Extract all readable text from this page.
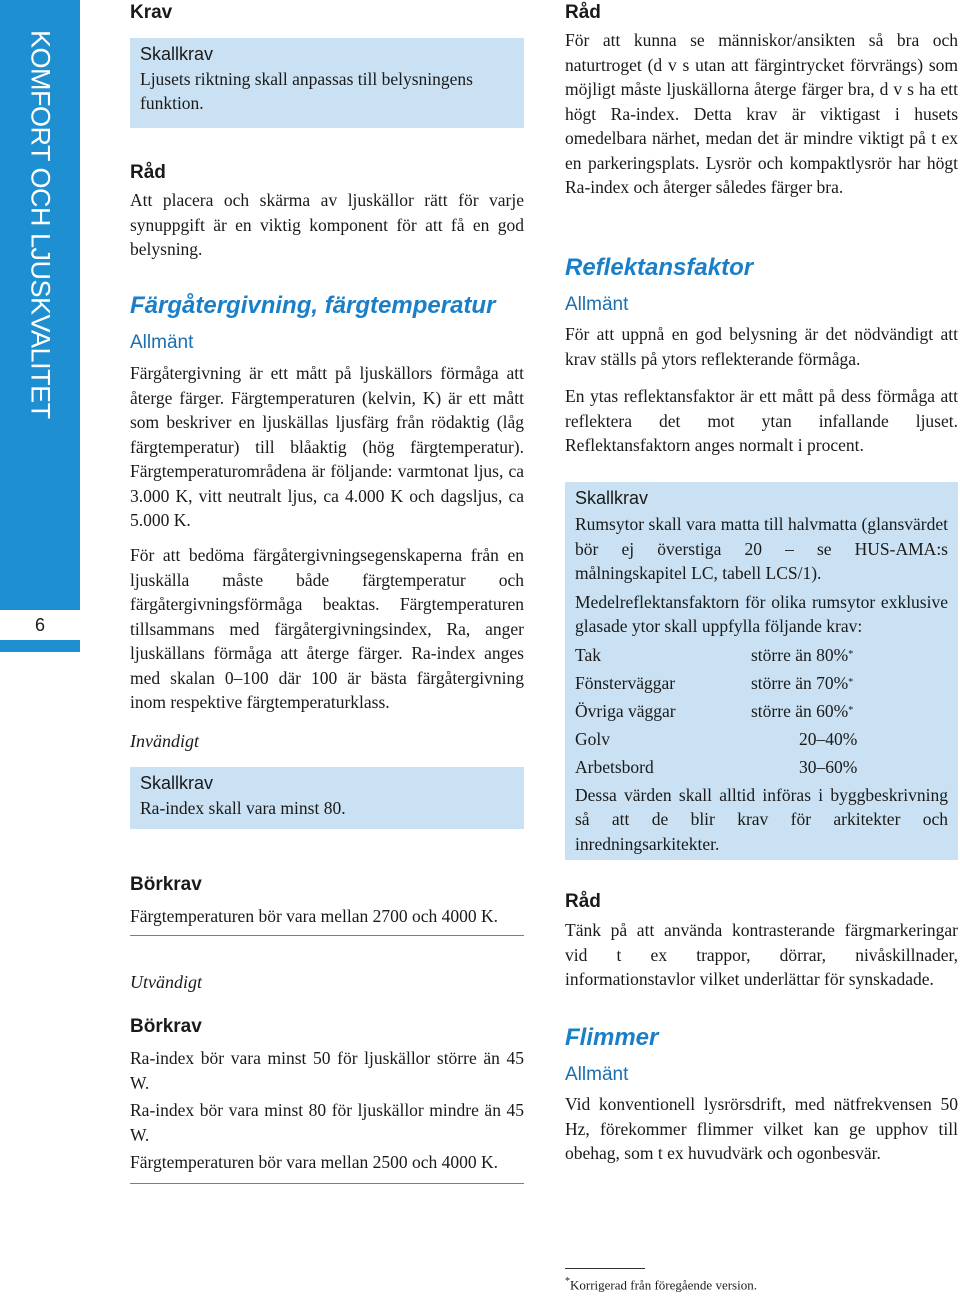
KOMFORT OCH LJUSKVALITET
6
Krav
Skallkrav
Ljusets riktning skall anpassas till belysningens funktion.
Råd
Att placera och skärma av ljuskällor rätt för varje synuppgift är en viktig komponent för att få en god belysning.
Färgåtergivning, färgtemperatur
Allmänt
Färgåtergivning är ett mått på ljuskällors förmåga att återge färger. Färgtemperaturen (kelvin, K) är ett mått som beskriver en ljuskällas ljusfärg från rödaktig (låg färgtemperatur) till blåaktig (hög färgtemperatur). Färgtemperaturområdena är följande: varmtonat ljus, ca 3.000 K, vitt neutralt ljus, ca 4.000 K och dagsljus, ca 5.000 K.
För att bedöma färgåtergivningsegenskaperna från en ljuskälla måste både färgtemperatur och färgåtergivningsförmåga beaktas. Färgtemperaturen tillsammans med färgåtergivningsindex, Ra, anger ljuskällans förmåga att återge färger. Ra-index anges med skalan 0–100 där 100 är bästa färgåtergivning inom respektive färgtemperaturklass.
Invändigt
Skallkrav
Ra-index skall vara minst 80.
Börkrav
Färgtemperaturen bör vara mellan 2700 och 4000 K.
Utvändigt
Börkrav
Ra-index bör vara minst 50 för ljuskällor större än 45 W.
Ra-index bör vara minst 80 för ljuskällor mindre än 45 W.
Färgtemperaturen bör vara mellan 2500 och 4000 K.
Råd
För att kunna se människor/ansikten så bra och naturtroget (d v s utan att färgintrycket förvrängs) som möjligt måste ljuskällorna återge färger bra, d v s ha ett högt Ra-index. Detta krav är viktigast i husets omedelbara närhet, medan det är mindre viktigt på t ex en parkeringsplats. Lysrör och kompaktlysrör har högt Ra-index och återger således färger bra.
Reflektansfaktor
Allmänt
För att uppnå en god belysning är det nödvändigt att krav ställs på ytors reflekterande förmåga.
En ytas reflektansfaktor är ett mått på dess förmåga att reflektera det mot ytan infallande ljuset. Reflektansfaktorn anges normalt i procent.
Skallkrav
Rumsytor skall vara matta till halvmatta (glansvärdet bör ej överstiga 20 – se HUS-AMA:s målningskapitel LC, tabell LCS/1).
Medelreflektansfaktorn för olika rumsytor exklusive glasade ytor skall uppfylla följande krav:
Tak	större än 80% *
Fönsterväggar	större än 70% *
Övriga väggar	större än 60% *
Golv	20–40%
Arbetsbord	30–60%
Dessa värden skall alltid införas i byggbeskrivning så att de blir krav för arkitekter och inredningsarkitekter.
Råd
Tänk på att använda kontrasterande färgmarkeringar vid t ex trappor, dörrar, nivåskillnader, informationstavlor vilket underlättar för synskadade.
Flimmer
Allmänt
Vid konventionell lysrörsdrift, med nätfrekvensen 50 Hz, förekommer flimmer vilket kan ge upphov till obehag, som t ex huvudvärk och ogonbesvär.
*Korrigerad från föregående version.
